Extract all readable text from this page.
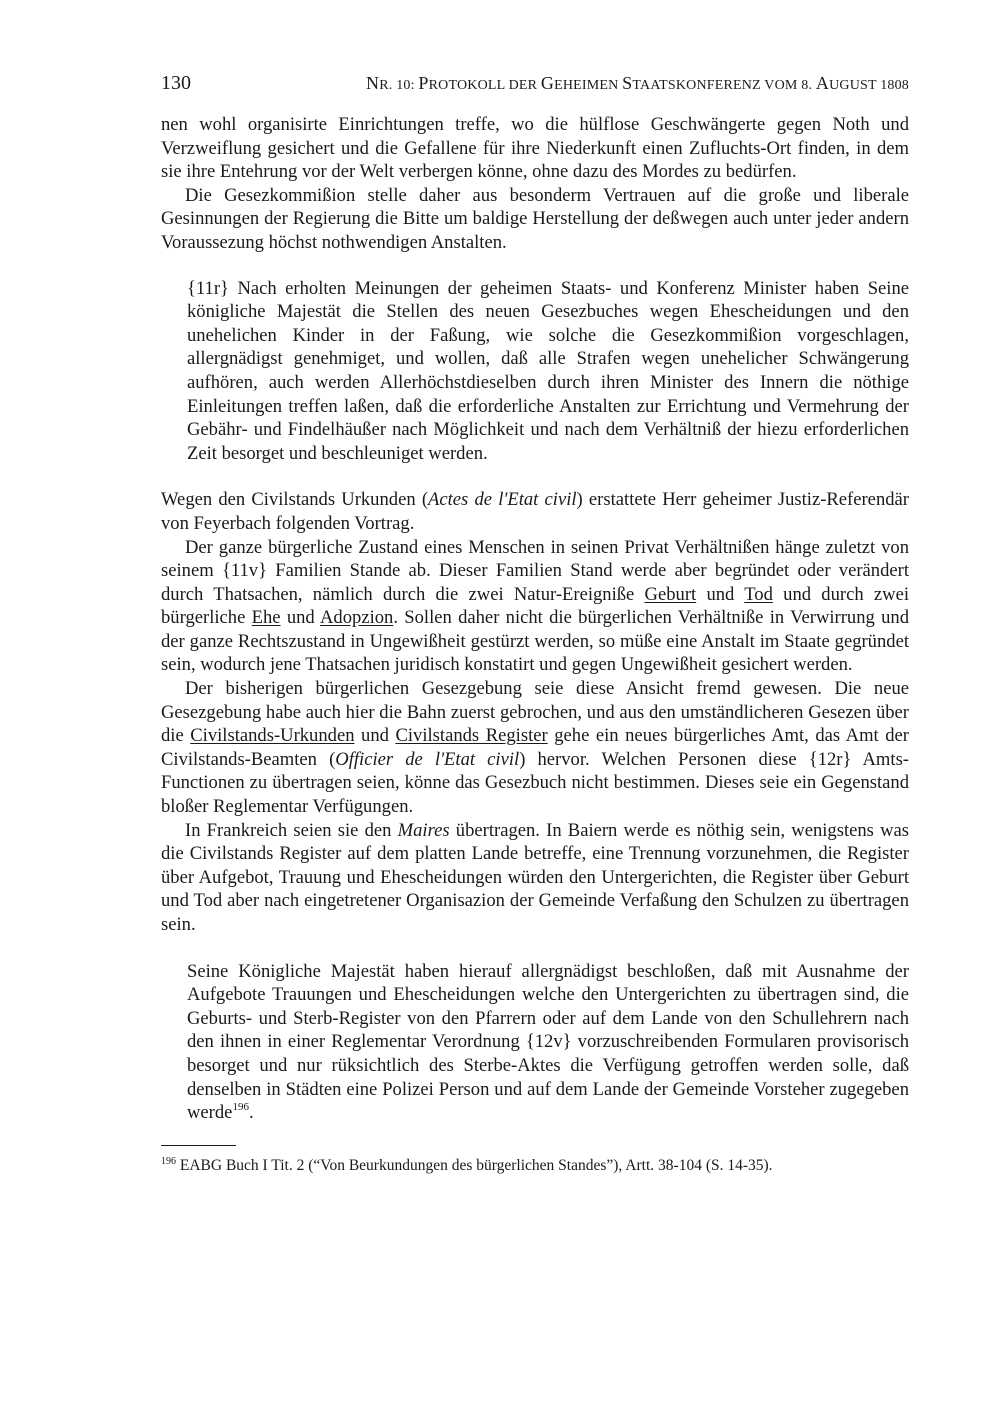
130	NR. 10: PROTOKOLL DER GEHEIMEN STAATSKONFERENZ VOM 8. AUGUST 1808

nen wohl organisirte Einrichtungen treffe, wo die hülflose Geschwängerte gegen Noth und Verzweiflung gesichert und die Gefallene für ihre Niederkunft einen Zufluchts-Ort finden, in dem sie ihre Entehrung vor der Welt verbergen könne, ohne dazu des Mordes zu bedürfen.

Die Gesezkommißion stelle daher aus besonderm Vertrauen auf die große und liberale Gesinnungen der Regierung die Bitte um baldige Herstellung der deßwegen auch unter jeder andern Voraussezung höchst nothwendigen Anstalten.

{11r} Nach erholten Meinungen der geheimen Staats- und Konferenz Minister haben Seine königliche Majestät die Stellen des neuen Gesezbuches wegen Ehescheidungen und den unehelichen Kinder in der Faßung, wie solche die Gesezkommißion vorgeschlagen, allergnädigst genehmiget, und wollen, daß alle Strafen wegen unehelicher Schwängerung aufhören, auch werden Allerhöchstdieselben durch ihren Minister des Innern die nöthige Einleitungen treffen laßen, daß die erforderliche Anstalten zur Errichtung und Vermehrung der Gebähr- und Findelhäußer nach Möglichkeit und nach dem Verhältniß der hiezu erforderlichen Zeit besorget und beschleuniget werden.

Wegen den Civilstands Urkunden (Actes de l'Etat civil) erstattete Herr geheimer Justiz-Referendär von Feyerbach folgenden Vortrag.

Der ganze bürgerliche Zustand eines Menschen in seinen Privat Verhältnißen hänge zuletzt von seinem {11v} Familien Stande ab. Dieser Familien Stand werde aber begründet oder verändert durch Thatsachen, nämlich durch die zwei Natur-Ereigniße Geburt und Tod und durch zwei bürgerliche Ehe und Adopzion. Sollen daher nicht die bürgerlichen Verhältniße in Verwirrung und der ganze Rechtszustand in Ungewißheit gestürzt werden, so müße eine Anstalt im Staate gegründet sein, wodurch jene Thatsachen juridisch konstatirt und gegen Ungewißheit gesichert werden.

Der bisherigen bürgerlichen Gesezgebung seie diese Ansicht fremd gewesen. Die neue Gesezgebung habe auch hier die Bahn zuerst gebrochen, und aus den umständlicheren Gesezen über die Civilstands-Urkunden und Civilstands Register gehe ein neues bürgerliches Amt, das Amt der Civilstands-Beamten (Officier de l'Etat civil) hervor. Welchen Personen diese {12r} Amts-Functionen zu übertragen seien, könne das Gesezbuch nicht bestimmen. Dieses seie ein Gegenstand bloßer Reglementar Verfügungen.

In Frankreich seien sie den Maires übertragen. In Baiern werde es nöthig sein, wenigstens was die Civilstands Register auf dem platten Lande betreffe, eine Trennung vorzunehmen, die Register über Aufgebot, Trauung und Ehescheidungen würden den Untergerichten, die Register über Geburt und Tod aber nach eingetretener Organisazion der Gemeinde Verfaßung den Schulzen zu übertragen sein.

Seine Königliche Majestät haben hierauf allergnädigst beschloßen, daß mit Ausnahme der Aufgebote Trauungen und Ehescheidungen welche den Untergerichten zu übertragen sind, die Geburts- und Sterb-Register von den Pfarrern oder auf dem Lande von den Schullehrern nach den ihnen in einer Reglementar Verordnung {12v} vorzuschreibenden Formularen provisorisch besorget und nur rüksichtlich des Sterbe-Aktes die Verfügung getroffen werden solle, daß denselben in Städten eine Polizei Person und auf dem Lande der Gemeinde Vorsteher zugegeben werde$^{196}$.

$^{196}$ EABG Buch I Tit. 2 (“Von Beurkundungen des bürgerlichen Standes”), Artt. 38-104 (S. 14-35).
